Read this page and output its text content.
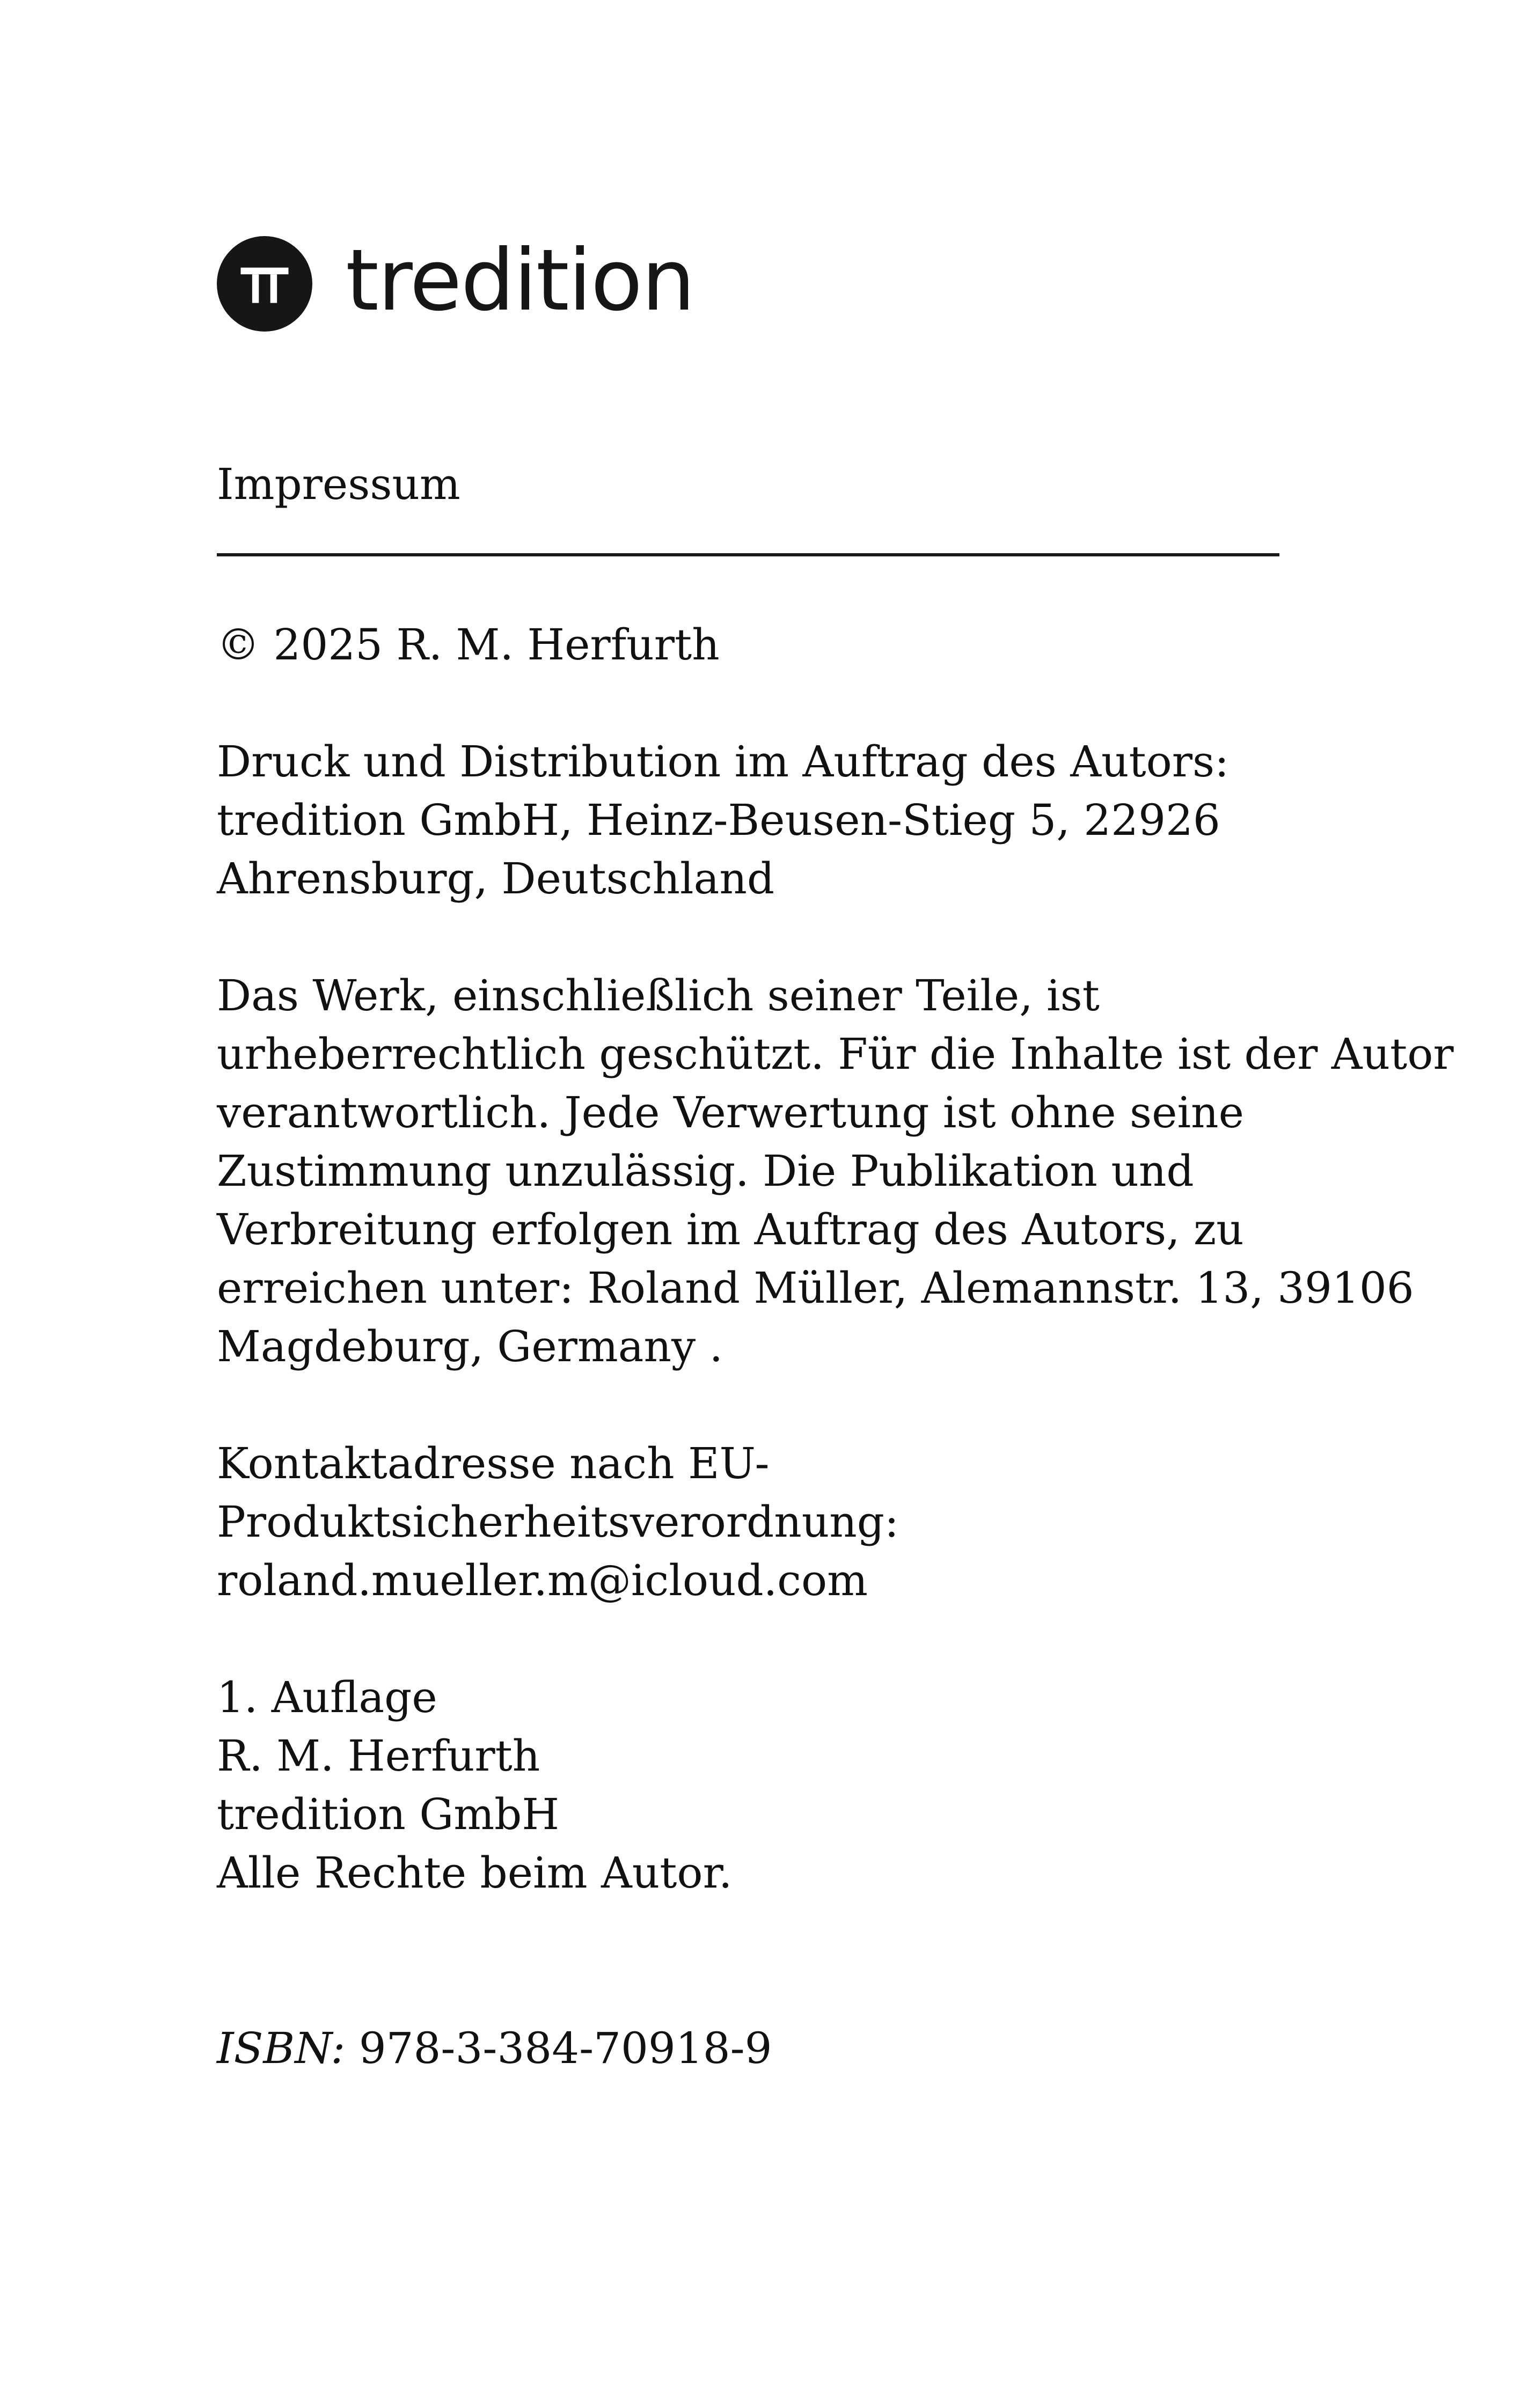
tredition

Impressum

© 2025 R. M. Herfurth

Druck und Distribution im Auftrag des Autors:
tredition GmbH, Heinz-Beusen-Stieg 5, 22926
Ahrensburg, Deutschland

Das Werk, einschließlich seiner Teile, ist
urheberrechtlich geschützt. Für die Inhalte ist der Autor
verantwortlich. Jede Verwertung ist ohne seine
Zustimmung unzulässig. Die Publikation und
Verbreitung erfolgen im Auftrag des Autors, zu
erreichen unter: Roland Müller, Alemannstr. 13, 39106
Magdeburg, Germany .

Kontaktadresse nach EU-
Produktsicherheitsverordnung:
roland.mueller.m@icloud.com

1. Auflage
R. M. Herfurth
tredition GmbH
Alle Rechte beim Autor.

ISBN: 978-3-384-70918-9
